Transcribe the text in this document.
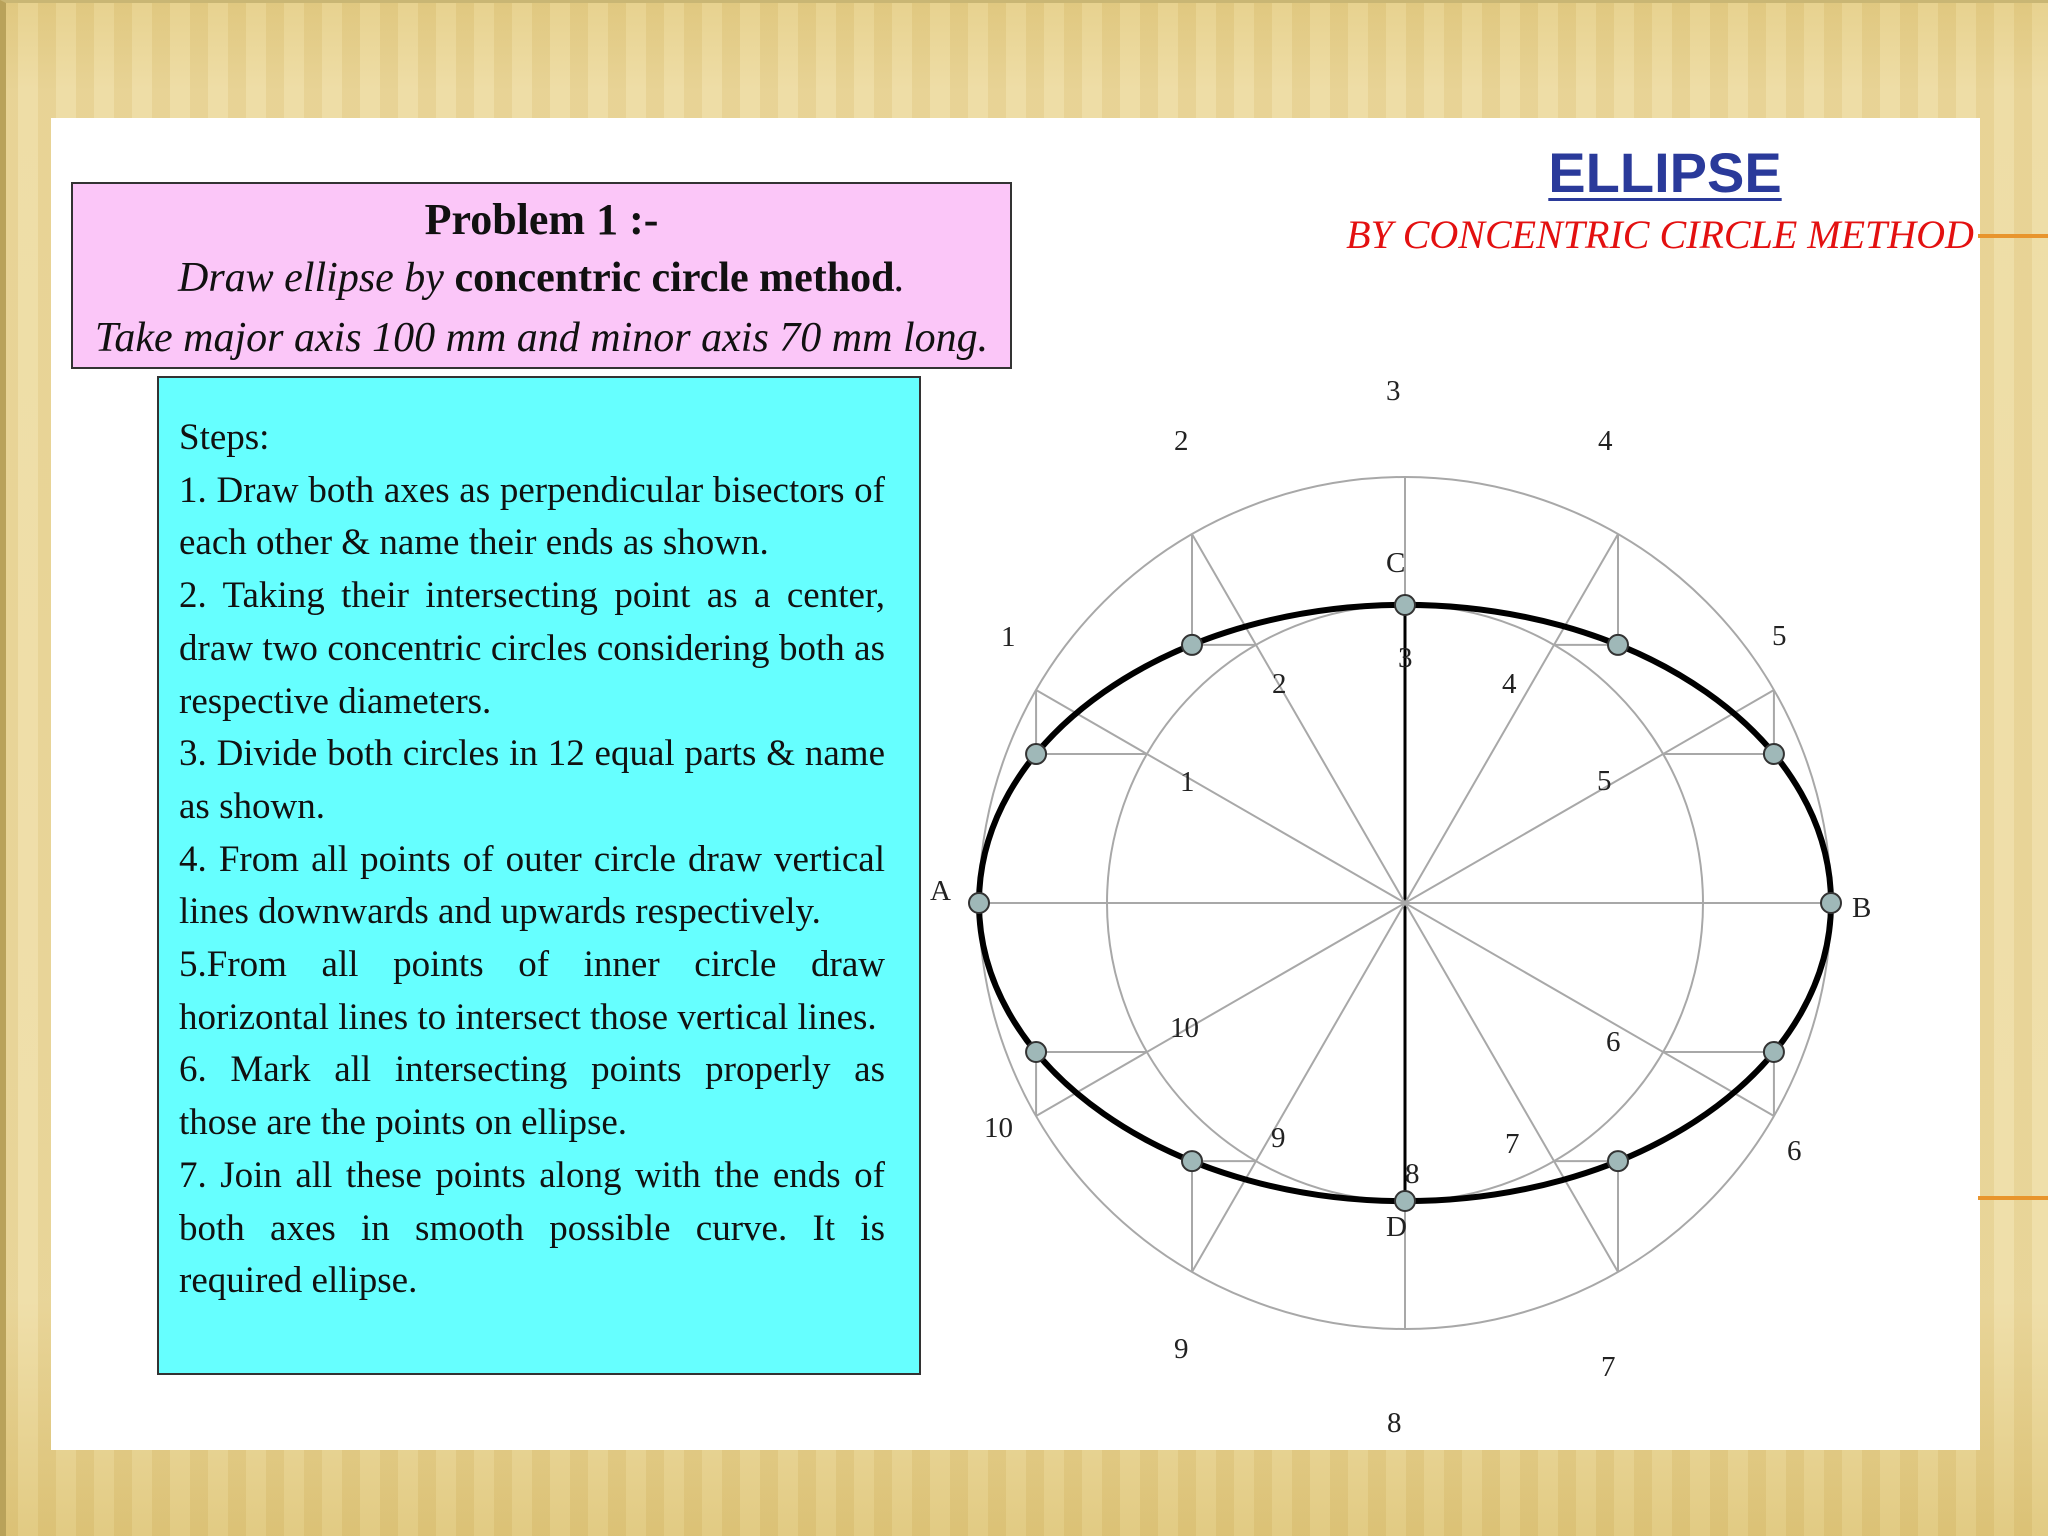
ELLIPSE
BY CONCENTRIC CIRCLE METHOD
Problem 1 :-
Draw ellipse by concentric circle method.
Take major axis 100 mm and minor axis 70 mm long.
Steps:
1. Draw both axes as perpendicular bisectors of each other & name their ends as shown.
2. Taking their intersecting point as a center, draw two concentric circles considering both as respective diameters.
3. Divide both circles in 12 equal parts & name as shown.
4. From all points of outer circle draw vertical lines downwards and upwards respectively.
5.From all points of inner circle draw horizontal lines to intersect those vertical lines.
6. Mark all intersecting points properly as those are the points on ellipse.
7. Join all these points along with the ends of both axes in smooth possible curve. It is required ellipse.
A
B
C
D
1
2
3
4
5
6
7
8
9
10
1
2
3
4
5
6
7
8
9
10
